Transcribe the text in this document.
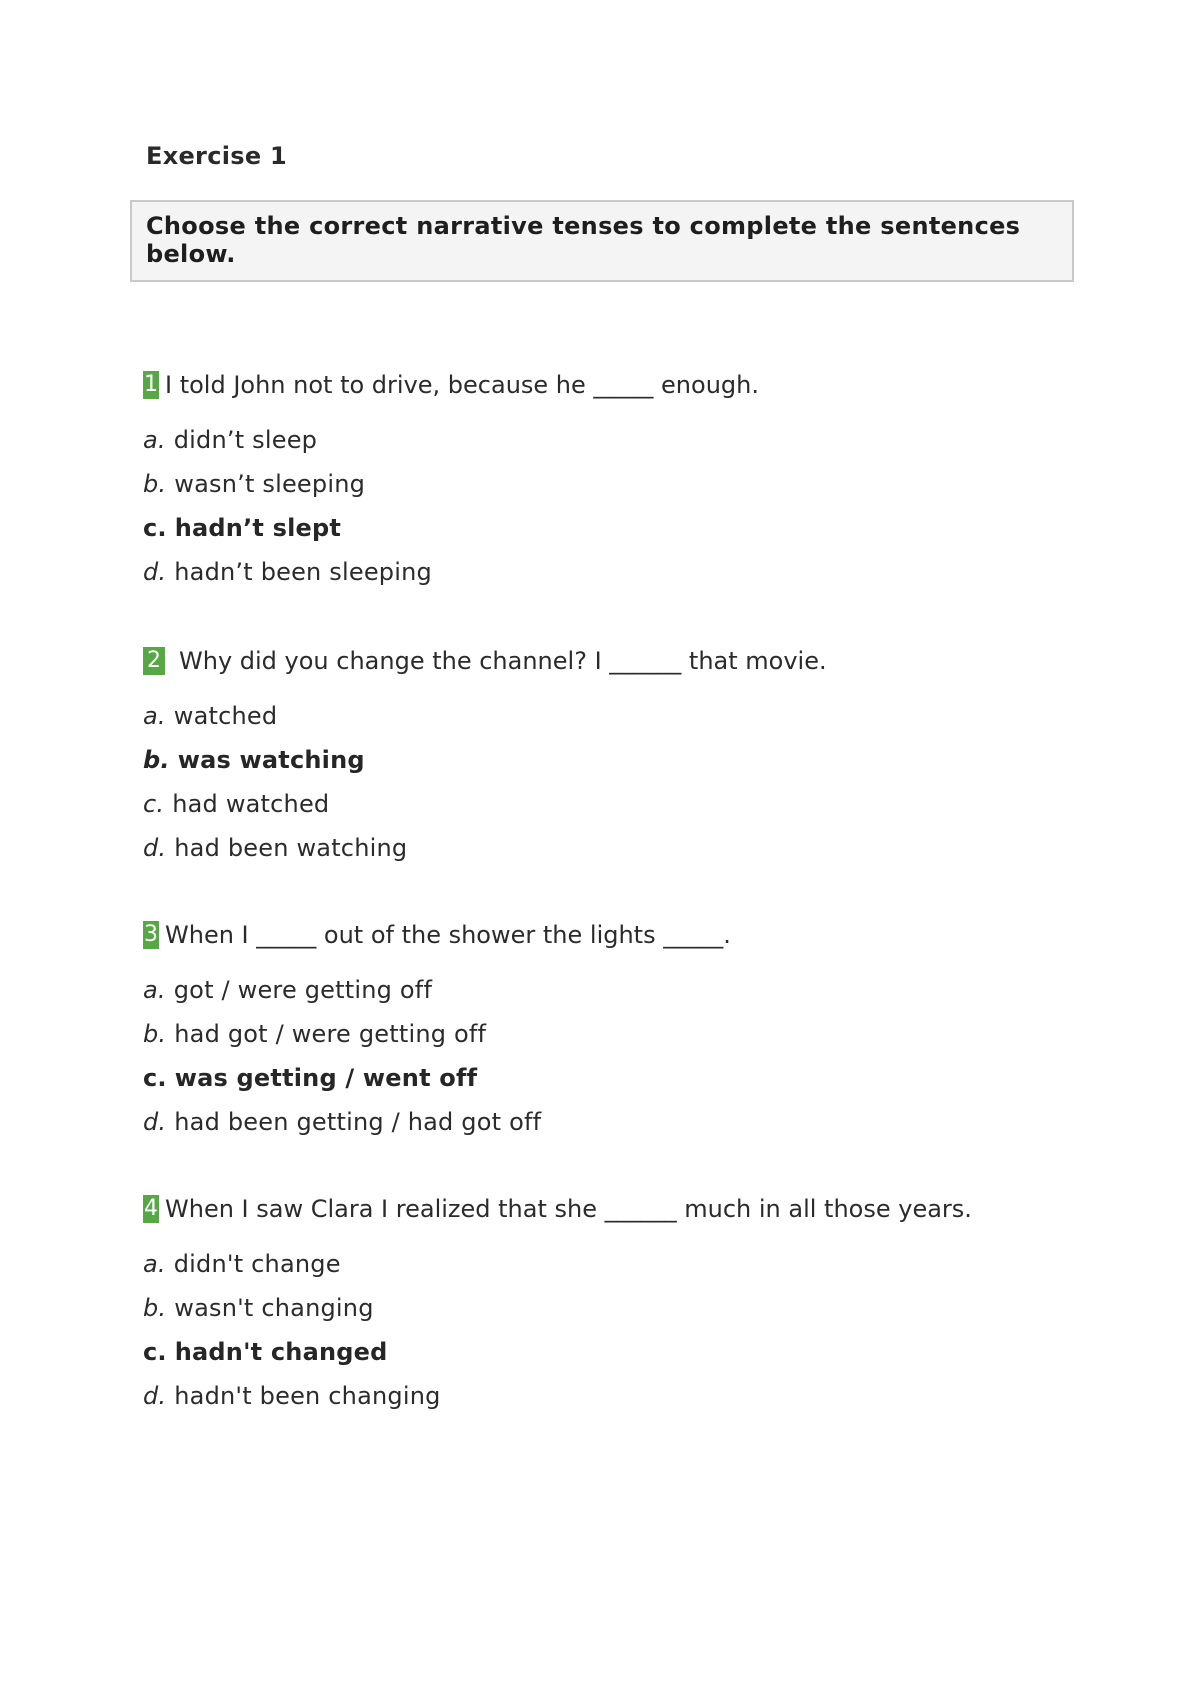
Exercise 1
Choose the correct narrative tenses to complete the sentences below.
1 I told John not to drive, because he _____ enough.
a. didn’t sleep
b. wasn’t sleeping
c. hadn’t slept
d. hadn’t been sleeping
2 Why did you change the channel? I ______ that movie.
a. watched
b. was watching
c. had watched
d. had been watching
3 When I _____ out of the shower the lights _____.
a. got / were getting off
b. had got / were getting off
c. was getting / went off
d. had been getting / had got off
4 When I saw Clara I realized that she ______ much in all those years.
a. didn't change
b. wasn't changing
c. hadn't changed
d. hadn't been changing
